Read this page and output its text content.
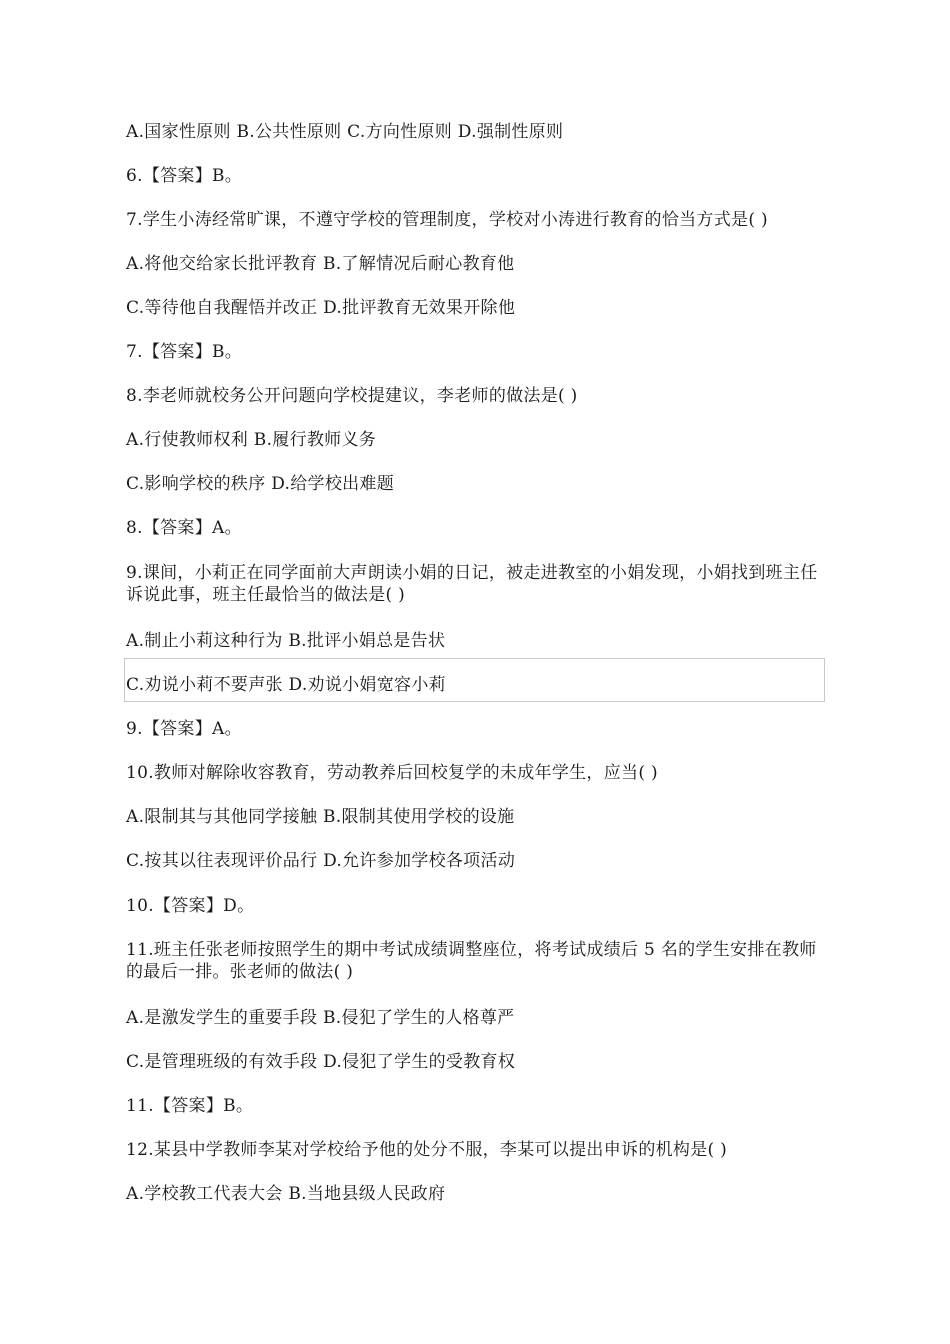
A.国家性原则 B.公共性原则 C.方向性原则 D.强制性原则
6.【答案】B。
7.学生小涛经常旷课，不遵守学校的管理制度，学校对小涛进行教育的恰当方式是( )
A.将他交给家长批评教育 B.了解情况后耐心教育他
C.等待他自我醒悟并改正 D.批评教育无效果开除他
7.【答案】B。
8.李老师就校务公开问题向学校提建议，李老师的做法是( )
A.行使教师权利 B.履行教师义务
C.影响学校的秩序 D.给学校出难题
8.【答案】A。
9.课间，小莉正在同学面前大声朗读小娟的日记，被走进教室的小娟发现，小娟找到班主任诉说此事，班主任最恰当的做法是( )
A.制止小莉这种行为 B.批评小娟总是告状
C.劝说小莉不要声张 D.劝说小娟宽容小莉
9.【答案】A。
10.教师对解除收容教育，劳动教养后回校复学的未成年学生，应当( )
A.限制其与其他同学接触 B.限制其使用学校的设施
C.按其以往表现评价品行 D.允许参加学校各项活动
10.【答案】D。
11.班主任张老师按照学生的期中考试成绩调整座位，将考试成绩后 5 名的学生安排在教师的最后一排。张老师的做法( )
A.是激发学生的重要手段 B.侵犯了学生的人格尊严
C.是管理班级的有效手段 D.侵犯了学生的受教育权
11.【答案】B。
12.某县中学教师李某对学校给予他的处分不服，李某可以提出申诉的机构是( )
A.学校教工代表大会 B.当地县级人民政府
